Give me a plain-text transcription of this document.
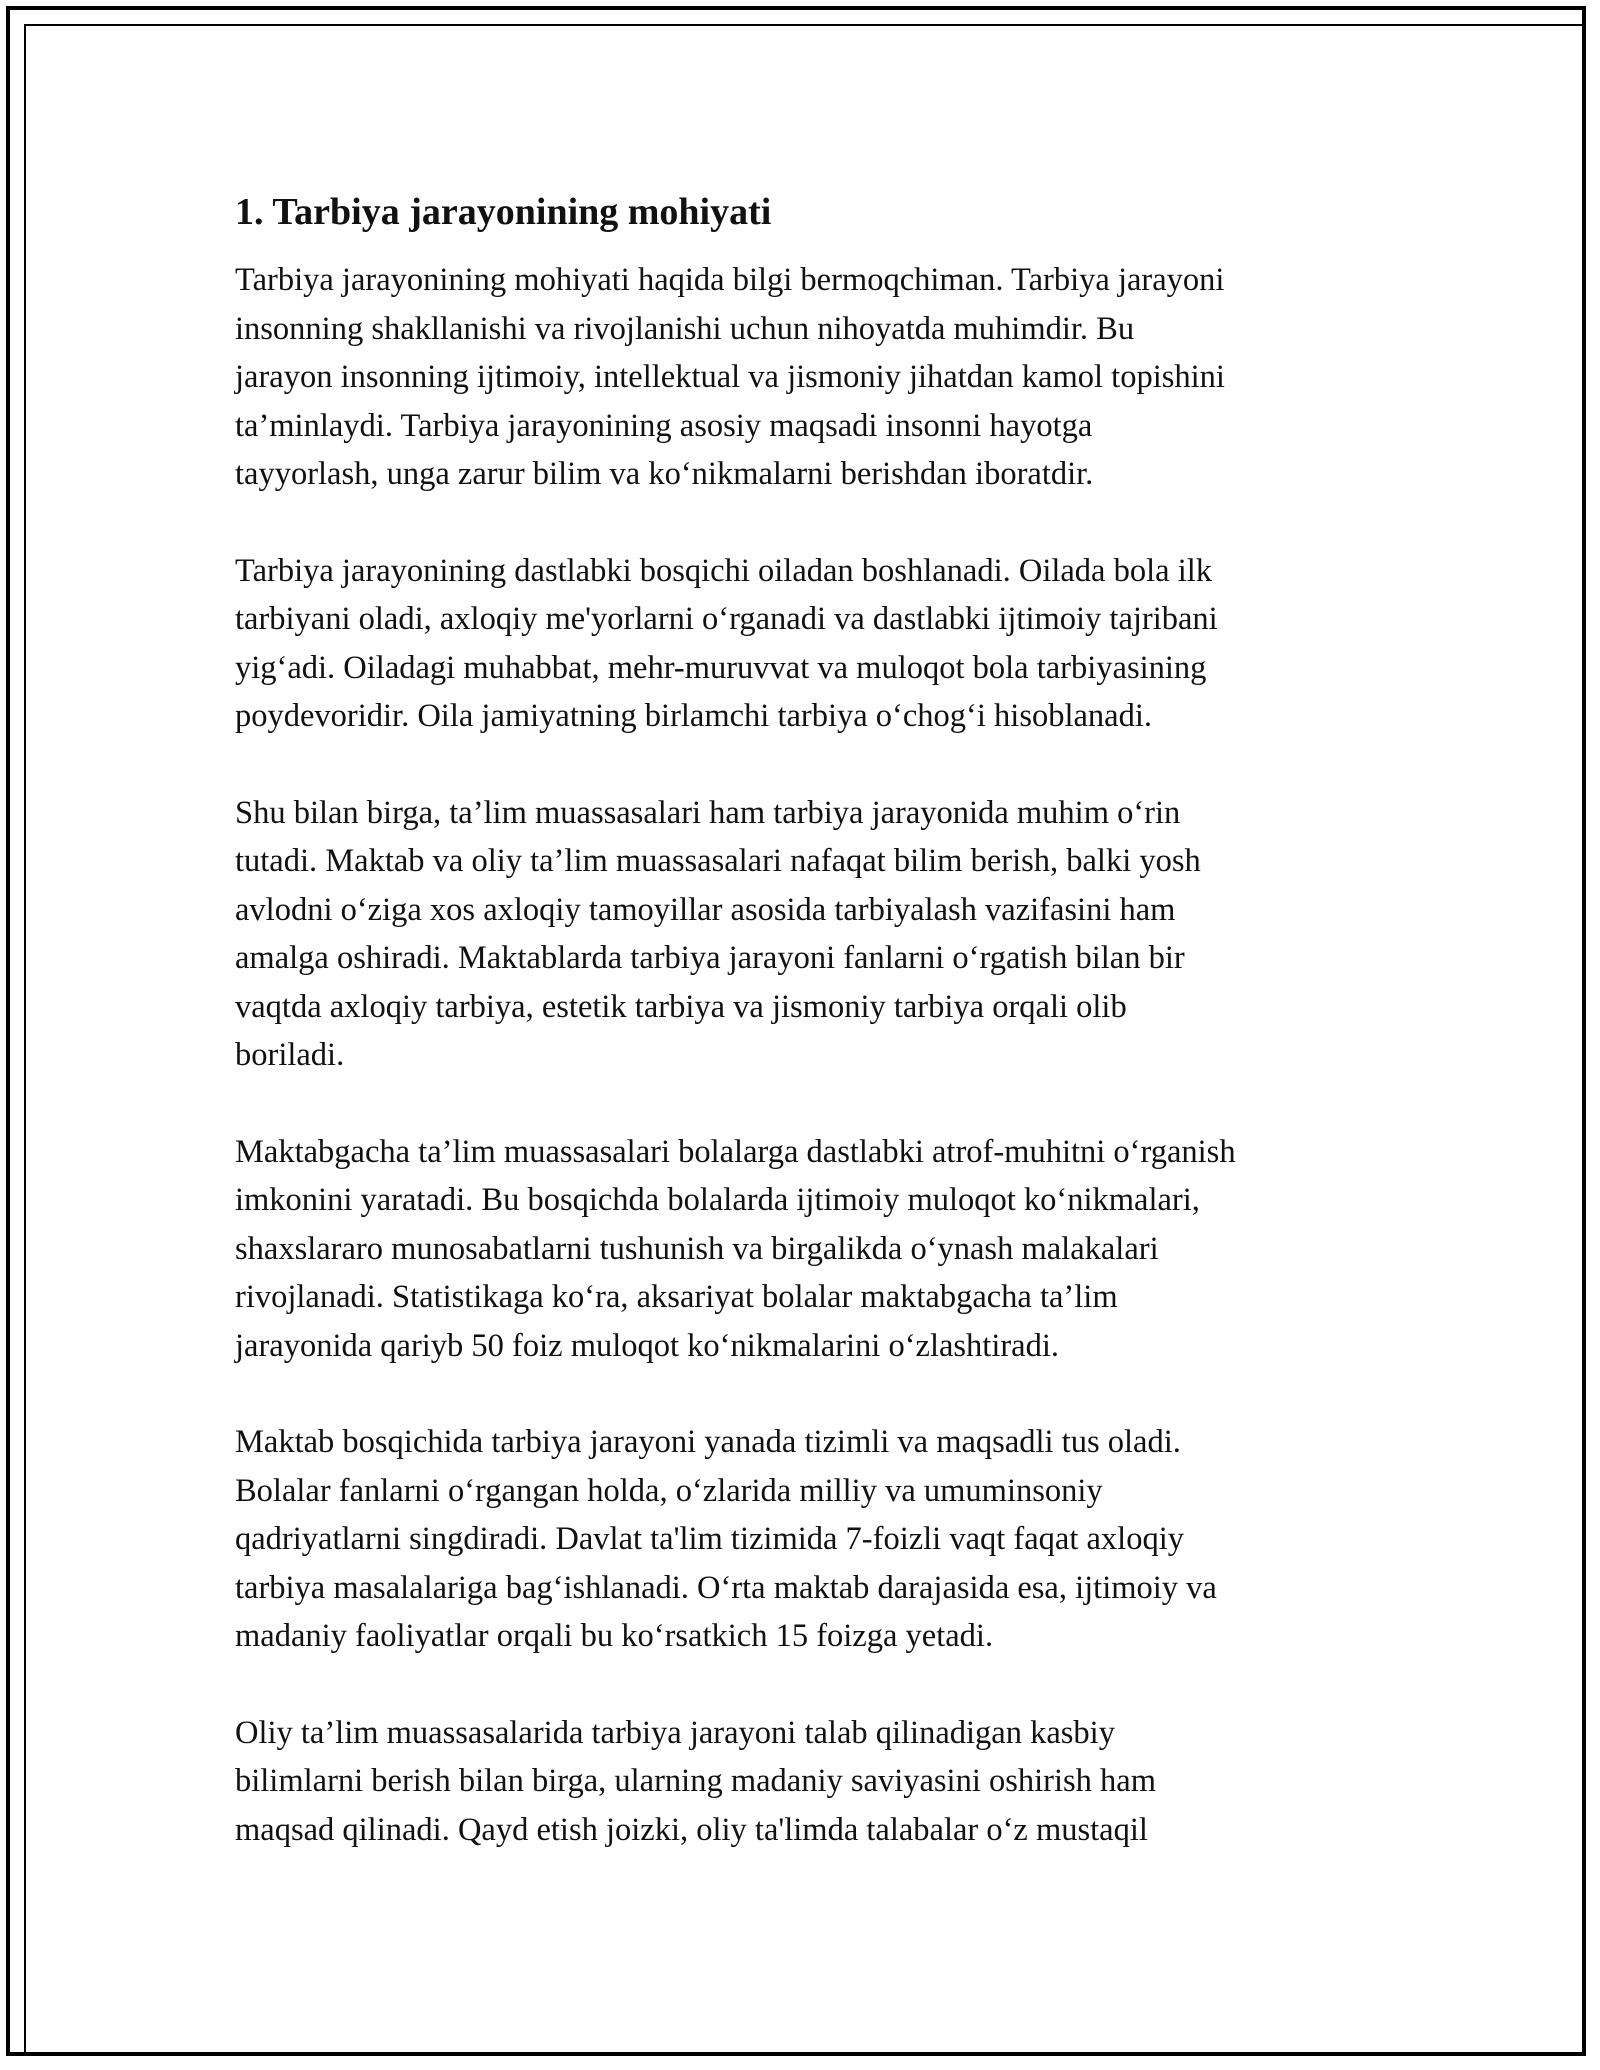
1. Tarbiya jarayonining mohiyati

Tarbiya jarayonining mohiyati haqida bilgi bermoqchiman. Tarbiya jarayoni
insonning shakllanishi va rivojlanishi uchun nihoyatda muhimdir. Bu
jarayon insonning ijtimoiy, intellektual va jismoniy jihatdan kamol topishini
ta’minlaydi. Tarbiya jarayonining asosiy maqsadi insonni hayotga
tayyorlash, unga zarur bilim va ko‘nikmalarni berishdan iboratdir.

Tarbiya jarayonining dastlabki bosqichi oiladan boshlanadi. Oilada bola ilk
tarbiyani oladi, axloqiy me'yorlarni o‘rganadi va dastlabki ijtimoiy tajribani
yig‘adi. Oiladagi muhabbat, mehr-muruvvat va muloqot bola tarbiyasining
poydevoridir. Oila jamiyatning birlamchi tarbiya o‘chog‘i hisoblanadi.

Shu bilan birga, ta’lim muassasalari ham tarbiya jarayonida muhim o‘rin
tutadi. Maktab va oliy ta’lim muassasalari nafaqat bilim berish, balki yosh
avlodni o‘ziga xos axloqiy tamoyillar asosida tarbiyalash vazifasini ham
amalga oshiradi. Maktablarda tarbiya jarayoni fanlarni o‘rgatish bilan bir
vaqtda axloqiy tarbiya, estetik tarbiya va jismoniy tarbiya orqali olib
boriladi.

Maktabgacha ta’lim muassasalari bolalarga dastlabki atrof-muhitni o‘rganish
imkonini yaratadi. Bu bosqichda bolalarda ijtimoiy muloqot ko‘nikmalari,
shaxslararo munosabatlarni tushunish va birgalikda o‘ynash malakalari
rivojlanadi. Statistikaga ko‘ra, aksariyat bolalar maktabgacha ta’lim
jarayonida qariyb 50 foiz muloqot ko‘nikmalarini o‘zlashtiradi.

Maktab bosqichida tarbiya jarayoni yanada tizimli va maqsadli tus oladi.
Bolalar fanlarni o‘rgangan holda, o‘zlarida milliy va umuminsoniy
qadriyatlarni singdiradi. Davlat ta'lim tizimida 7-foizli vaqt faqat axloqiy
tarbiya masalalariga bag‘ishlanadi. O‘rta maktab darajasida esa, ijtimoiy va
madaniy faoliyatlar orqali bu ko‘rsatkich 15 foizga yetadi.

Oliy ta’lim muassasalarida tarbiya jarayoni talab qilinadigan kasbiy
bilimlarni berish bilan birga, ularning madaniy saviyasini oshirish ham
maqsad qilinadi. Qayd etish joizki, oliy ta'limda talabalar o‘z mustaqil
